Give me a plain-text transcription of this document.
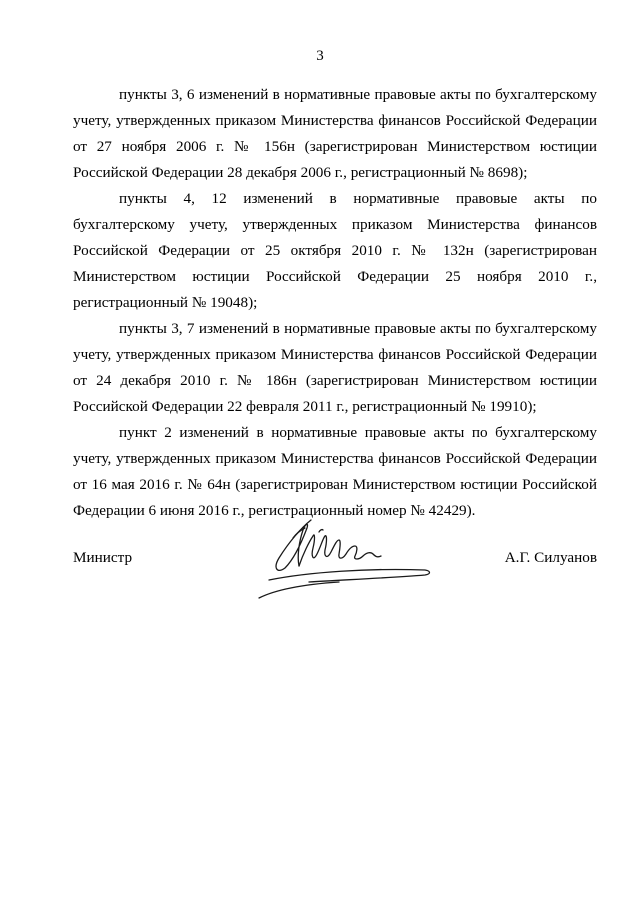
3

пункты 3, 6 изменений в нормативные правовые акты по бухгалтерскому учету, утвержденных приказом Министерства финансов Российской Федерации от 27 ноября 2006 г. № 156н (зарегистрирован Министерством юстиции Российской Федерации 28 декабря 2006 г., регистрационный № 8698);

пункты 4, 12 изменений в нормативные правовые акты по бухгалтерскому учету, утвержденных приказом Министерства финансов Российской Федерации от 25 октября 2010 г. № 132н (зарегистрирован Министерством юстиции Российской Федерации 25 ноября 2010 г., регистрационный № 19048);

пункты 3, 7 изменений в нормативные правовые акты по бухгалтерскому учету, утвержденных приказом Министерства финансов Российской Федерации от 24 декабря 2010 г. № 186н (зарегистрирован Министерством юстиции Российской Федерации 22 февраля 2011 г., регистрационный № 19910);

пункт 2 изменений в нормативные правовые акты по бухгалтерскому учету, утвержденных приказом Министерства финансов Российской Федерации от 16 мая 2016 г. № 64н (зарегистрирован Министерством юстиции Российской Федерации 6 июня 2016 г., регистрационный номер № 42429).

Министр	А.Г. Силуанов
